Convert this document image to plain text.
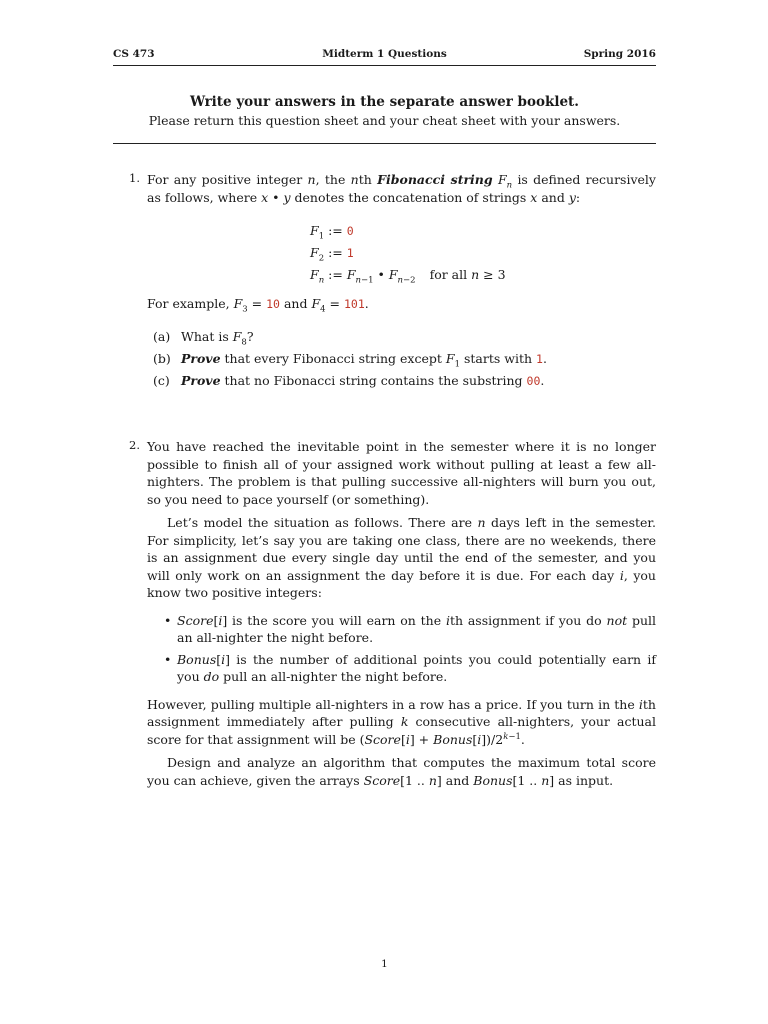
CS 473	Midterm 1 Questions	Spring 2016
Write your answers in the separate answer booklet.
Please return this question sheet and your cheat sheet with your answers.
1. For any positive integer n, the nth Fibonacci string $F_n$ is defined recursively as follows, where x • y denotes the concatenation of strings x and y:
$F_1$ := 0
$F_2$ := 1
$F_n$ := $F_{n-1}$ • $F_{n-2}$ for all n ≥ 3
For example, $F_3 = 10$ and $F_4 = 101$.
(a) What is $F_8$?
(b) Prove that every Fibonacci string except $F_1$ starts with 1.
(c) Prove that no Fibonacci string contains the substring 00.
2. You have reached the inevitable point in the semester where it is no longer possible to finish all of your assigned work without pulling at least a few all-nighters. The problem is that pulling successive all-nighters will burn you out, so you need to pace yourself (or something).
Let’s model the situation as follows. There are n days left in the semester. For simplicity, let’s say you are taking one class, there are no weekends, there is an assignment due every single day until the end of the semester, and you will only work on an assignment the day before it is due. For each day i, you know two positive integers:
• Score[i] is the score you will earn on the ith assignment if you do not pull an all-nighter the night before.
• Bonus[i] is the number of additional points you could potentially earn if you do pull an all-nighter the night before.
However, pulling multiple all-nighters in a row has a price. If you turn in the ith assignment immediately after pulling k consecutive all-nighters, your actual score for that assignment will be (Score[i] + $Bonus[i])/2^{k-1}$.
Design and analyze an algorithm that computes the maximum total score you can achieve, given the arrays Score[1 .. n] and Bonus[1 .. n] as input.
1
